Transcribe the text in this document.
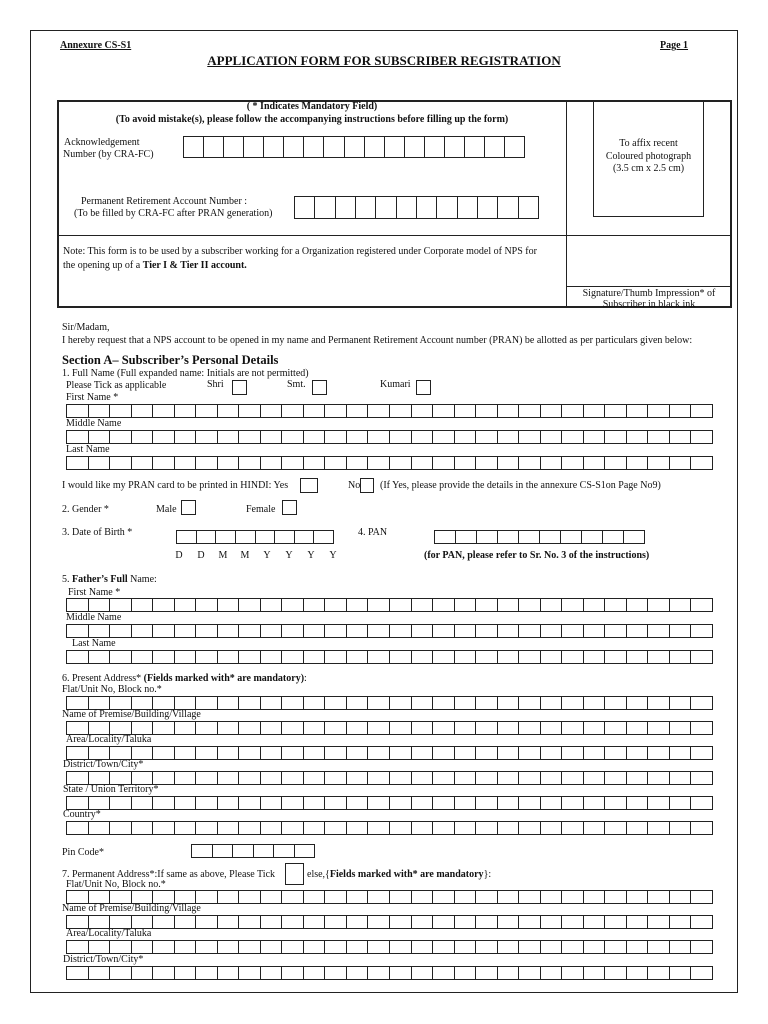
Annexure CS-S1	Page 1
APPLICATION FORM FOR SUBSCRIBER REGISTRATION
( * Indicates Mandatory Field)
(To avoid mistake(s), please follow the accompanying instructions before filling up the form)
Acknowledgement
Number (by CRA-FC)
Permanent Retirement Account Number :
(To be filled by CRA-FC after PRAN generation)
To affix recent
Coloured photograph
(3.5 cm x 2.5 cm)
Note: This form is to be used by a subscriber working for a Organization registered under Corporate model of NPS for
the opening up of a Tier I & Tier II account.
Signature/Thumb Impression* of
Subscriber in black ink
Sir/Madam,
I hereby request that a NPS account to be opened in my name and Permanent Retirement Account number (PRAN) be allotted as per particulars given below:
Section A– Subscriber’s Personal Details
1. Full Name (Full expanded name: Initials are not permitted)
Please Tick as applicable	Shri	Smt.	Kumari
First Name *
Middle Name
Last Name
I would like my PRAN card to be printed in HINDI: Yes	No (If Yes, please provide the details in the annexure CS-S1on Page No9)
2. Gender *	Male	Female
3. Date of Birth *
D	D	M	M	Y	Y	Y	Y
4. PAN
(for PAN, please refer to Sr. No. 3 of the instructions)
5. Father’s Full Name:
First Name *
Middle Name
Last Name
6. Present Address* (Fields marked with* are mandatory):
Flat/Unit No, Block no.*
Name of Premise/Building/Village
Area/Locality/Taluka
District/Town/City*
State / Union Territory*
Country*
Pin Code*
7. Permanent Address*:If same as above, Please Tick	else,{Fields marked with* are mandatory}:
Flat/Unit No, Block no.*
Name of Premise/Building/Village
Area/Locality/Taluka
District/Town/City*
